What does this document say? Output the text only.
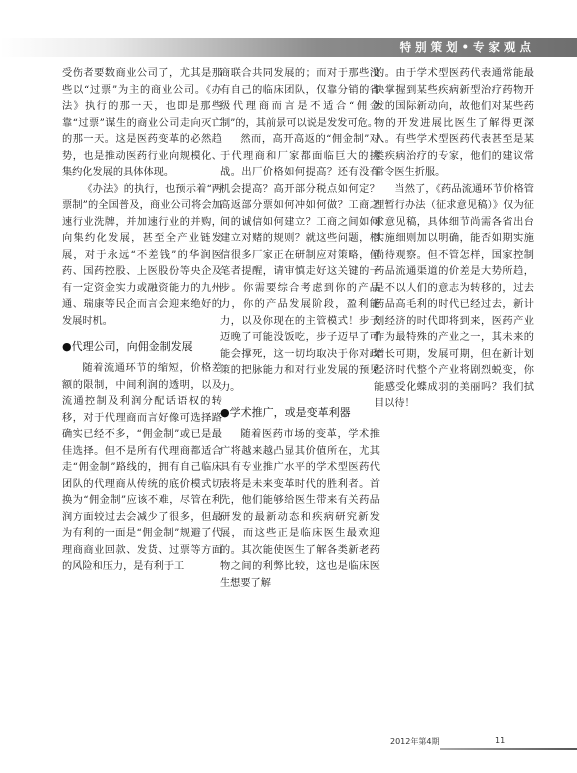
特别策划•专家观点

受伤者要数商业公司了，尤其是那些以“过票”为主的商业公司。《办法》执行的那一天，也即是那些靠“过票”谋生的商业公司走向灭亡的那一天。这是医药变革的必然趋势，也是推动医药行业向规模化、集约化发展的具体体现。

《办法》的执行，也预示着“两票制”的全国普及，商业公司将会加速行业洗牌，并加速行业的并购，向集约化发展，甚至全产业链发展，对于永远“不差钱”的华润医药、国药控股、上医股份等央企及有一定资金实力或融资能力的九州通、瑞康等民企而言会迎来绝好的发展时机。

●代理公司，向佣金制发展

随着流通环节的缩短，价格差额的限制，中间利润的透明，以及流通控制及利润分配话语权的转移，对于代理商而言好像可选择路确实已经不多，“佣金制”或已是最佳选择。但不是所有代理商都适合走“佣金制”路线的，拥有自己临床团队的代理商从传统的底价模式切换为“佣金制”应该不难，尽管在利润方面较过去会减少了很多，但最为有利的一面是“佣金制”规避了代理商商业回款、发货、过票等方面的风险和压力，是有利于工

商联合共同发展的；而对于那些没有自己的临床团队，仅靠分销的省级代理商而言是不适合“佣金制”的，其前景可以说是发发可危。

然而，高开高返的“佣金制”对于代理商和厂家都面临巨大的挑战。出厂价格如何提高？还有没有机会提高？高开部分税点如何定？高返部分票如何冲如何做？工商之间的诚信如何建立？工商之间如何建立对赌的规则？就这些问题，相信很多厂家正在研制应对策略，但笔者提醒，请审慎走好这关键的一步。你需要综合考虑到你的产品力，你的产品发展阶段，盈利能力，以及你现在的主管模式！步子迈晚了可能没饭吃，步子迈早了可能会撑死，这一切均取决于你对政策的把脉能力和对行业发展的预见力。

●学术推广，或是变革利器

随着医药市场的变革，学术推广将越来越凸显其价值所在，尤其具有专业推广水平的学术型医药代表将是未来变革时代的胜利者。首先，他们能够给医生带来有关药品研发的最新动态和疾病研究新发展，而这些正是临床医生最欢迎的。其次能使医生了解各类新老药物之间的利弊比较，这也是临床医生想要了解

的。由于学术型医药代表通常能最快掌握到某些疾病新型治疗药物开发的国际新动向，故他们对某些药物的开发进展比医生了解得更深入。有些学术型医药代表甚至是某类疾病治疗的专家，他们的建议常常令医生折服。

当然了，《药品流通环节价格管理暂行办法（征求意见稿）》仅为征求意见稿，具体细节尚需各省出台实施细则加以明确，能否如期实施尚待观察。但不管怎样，国家控制药品流通渠道的价差是大势所趋，是不以人们的意志为转移的，过去药品高毛利的时代已经过去，新计划经济的时代即将到来，医药产业作为最特殊的产业之一，其未来的增长可期，发展可期，但在新计划经济时代整个产业将剧烈蜕变，你能感受化蝶成羽的美丽吗？我们拭目以待！

2012年第4期	11
